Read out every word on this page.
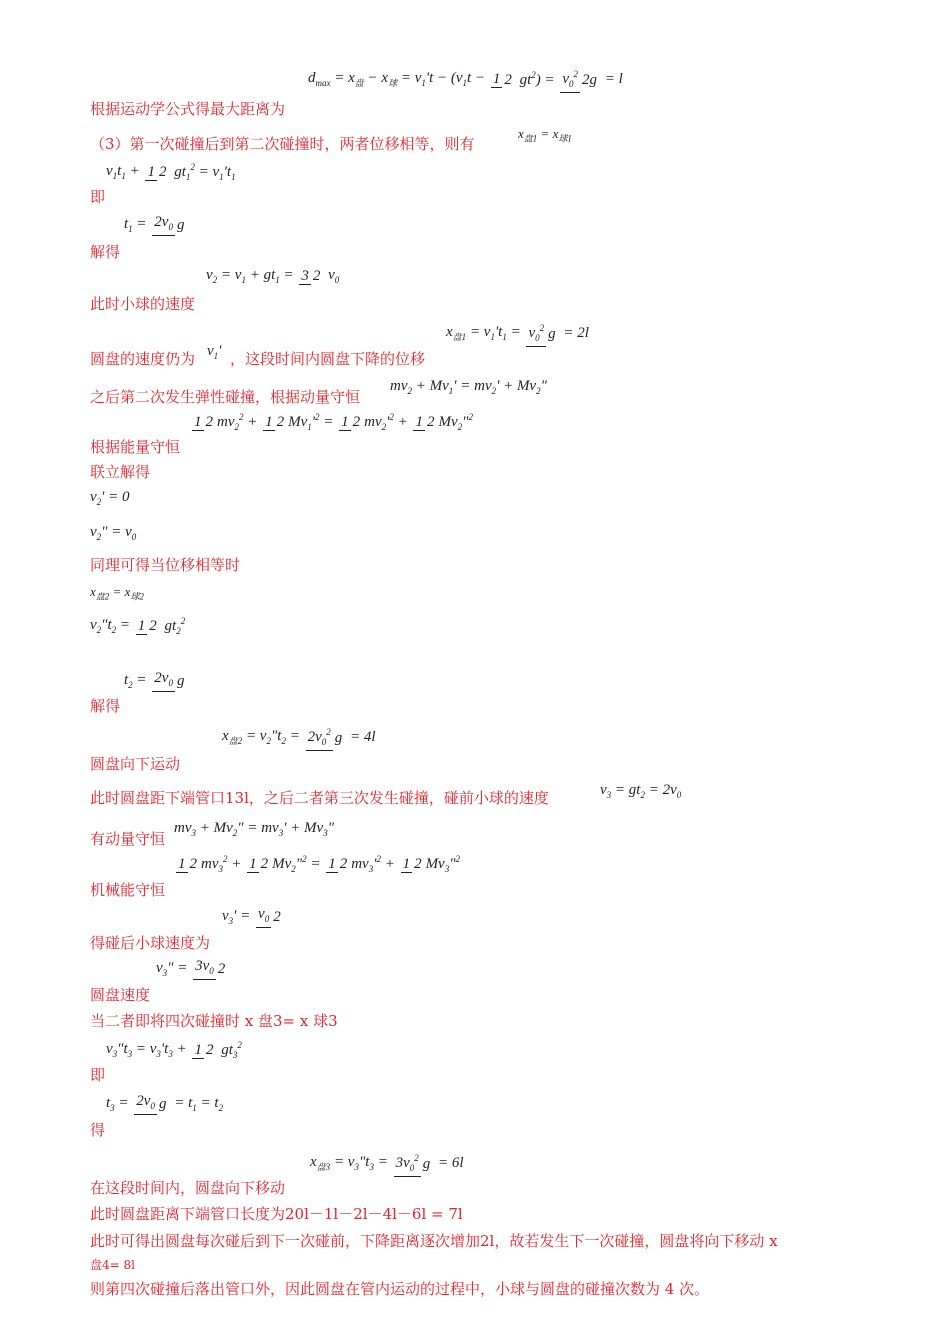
根据运动学公式得最大距离为
（3）第一次碰撞后到第二次碰撞时，两者位移相等，则有
即
解得
此时小球的速度
圆盘的速度仍为 ，这段时间内圆盘下降的位移
之后第二次发生弹性碰撞，根据动量守恒
根据能量守恒
联立解得
同理可得当位移相等时
解得
圆盘向下运动
此时圆盘距下端管口13l，之后二者第三次发生碰撞，碰前小球的速度
有动量守恒
机械能守恒
得碰后小球速度为
圆盘速度
当二者即将四次碰撞时 x 盘3= x 球3
即
得
在这段时间内，圆盘向下移动
此时圆盘距离下端管口长度为20l－1l－2l－4l－6l = 7l
此时可得出圆盘每次碰后到下一次碰前，下降距离逐次增加2l，故若发生下一次碰撞，圆盘将向下移动 x
盘4= 8l
则第四次碰撞后落出管口外，因此圆盘在管内运动的过程中，小球与圆盘的碰撞次数为 4 次。
$d_{max} = x_盘 - x_球 = v_1't - (v_1t - 1$ 2 $gt^2) = v_0^2$ 2g = l
$x_{盘1} = x_{球1}$
$v_1t_1 + 1$ 2 $gt_1^2 = v_1't_1$
$t_1 = 2v_0$ g
$v_2 = v_1 + gt_1 = 3$ 2 $v_0$
$v_1'$
$x_{盘1} = v_1't_1 = v_0^2$ g = 2l
$mv_2 + Mv_1' = mv_2' + Mv_2$"
1 2 $mv_2^2 + 1$ 2 $Mv_1'^2 = 1$ 2 $mv_2'^2 + 1$ 2 $Mv_2"^2$
$v_2' = 0$
$v_2$" = $v_0$
$x_{盘2} = x_{球2}$
$v_2"t_2 = 1$ 2 $gt_2^2$
$t_2 = 2v_0$ g
$x_{盘2}$ = $v_2"t_2 = 2v_0^2$ g = 4l
$v_3 = gt_2 = 2v_0$
$mv_3 + Mv_2$" = $mv_3' + Mv_3$"
1 2 $mv_3^2 + 1$ 2 $Mv_2"^2 = 1$ 2 $mv_3'^2 + 1$ 2 $Mv_3"^2$
$v_3' = v_0$ 2
$v_3$" = $3v_0$ 2
$v_3"t_3 = v_3't_3 + 1$ 2 $gt_3^2$
$t_3 = 2v_0$ $g = t_1 = t_2$
$x_{盘3}$ = $v_3"t_3 = 3v_0^2$ g = 6l
